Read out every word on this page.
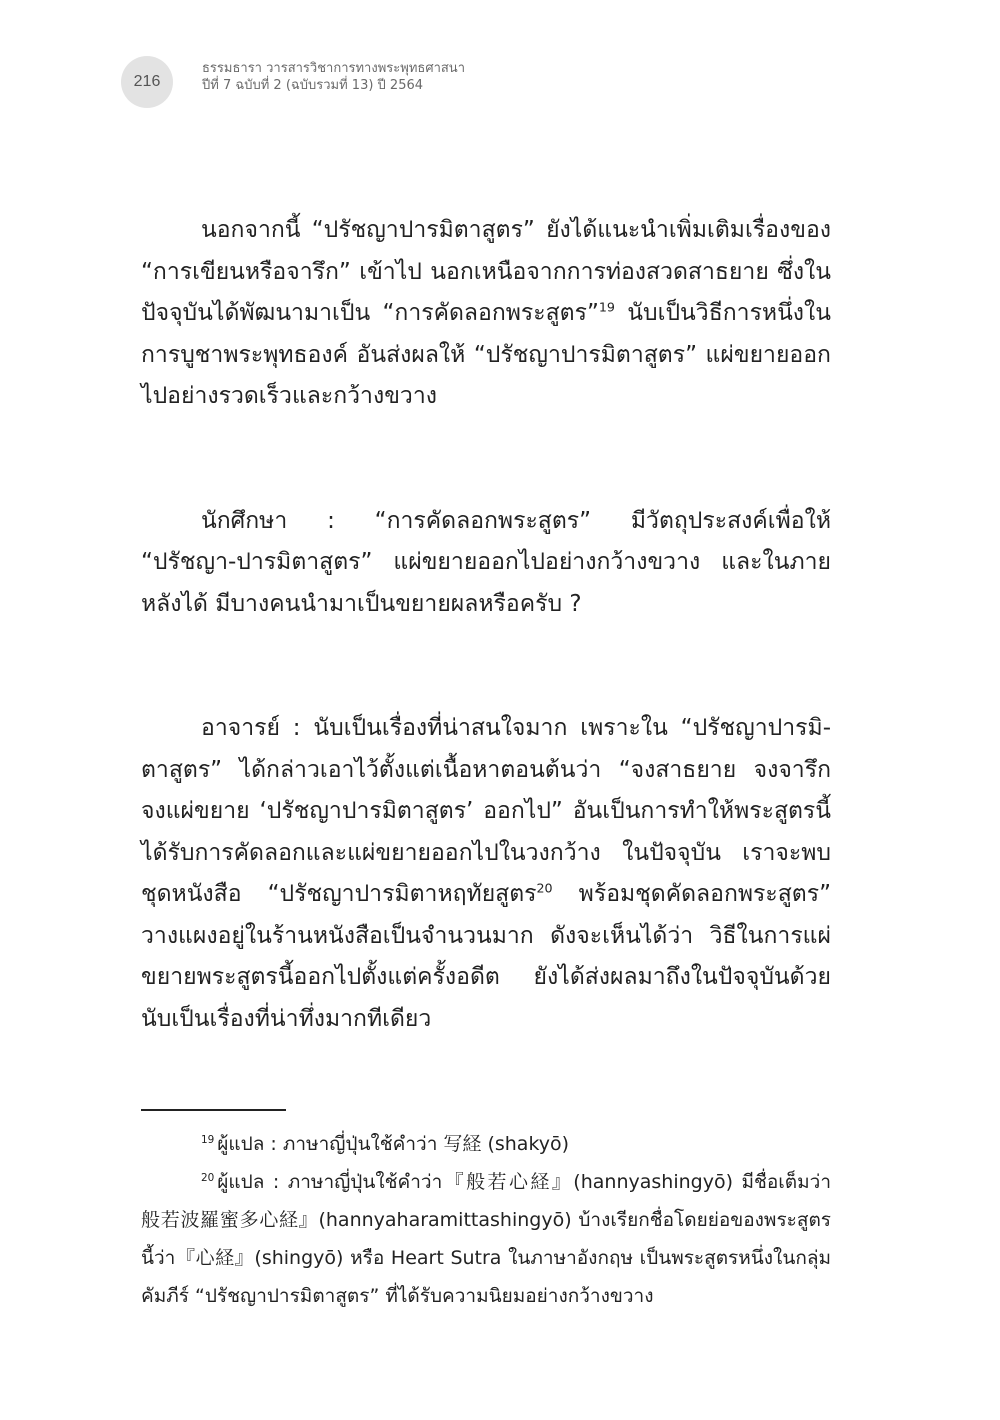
216
ธรรมธารา วารสารวิชาการทางพระพุทธศาสนา
ปีที่ 7 ฉบับที่ 2 (ฉบับรวมที่ 13) ปี 2564

นอกจากนี้ “ปรัชญาปารมิตาสูตร” ยังได้แนะนำเพิ่มเติมเรื่องของ “การเขียนหรือจารึก” เข้าไป นอกเหนือจากการท่องสวดสาธยาย ซึ่งในปัจจุบันได้พัฒนามาเป็น “การคัดลอกพระสูตร”$^{19}$ นับเป็นวิธีการหนึ่งในการบูชาพระพุทธองค์ อันส่งผลให้ “ปรัชญาปารมิตาสูตร” แผ่ขยายออกไปอย่างรวดเร็วและกว้างขวาง

นักศึกษา : “การคัดลอกพระสูตร” มีวัตถุประสงค์เพื่อให้ “ปรัชญา-ปารมิตาสูตร” แผ่ขยายออกไปอย่างกว้างขวาง และในภายหลังได้ มีบางคนนำมาเป็นขยายผลหรือครับ ?

อาจารย์ : นับเป็นเรื่องที่น่าสนใจมาก เพราะใน “ปรัชญาปารมิ-ตาสูตร” ได้กล่าวเอาไว้ตั้งแต่เนื้อหาตอนต้นว่า “จงสาธยาย จงจารึก จงแผ่ขยาย ‘ปรัชญาปารมิตาสูตร’ ออกไป” อันเป็นการทำให้พระสูตรนี้ได้รับการคัดลอกและแผ่ขยายออกไปในวงกว้าง ในปัจจุบัน เราจะพบชุดหนังสือ “ปรัชญาปารมิตาหฤทัยสูตร$^{20}$ พร้อมชุดคัดลอกพระสูตร” วางแผงอยู่ในร้านหนังสือเป็นจำนวนมาก ดังจะเห็นได้ว่า วิธีในการแผ่ขยายพระสูตรนี้ออกไปตั้งแต่ครั้งอดีต ยังได้ส่งผลมาถึงในปัจจุบันด้วย นับเป็นเรื่องที่น่าทึ่งมากทีเดียว

$^{19}$ ผู้แปล : ภาษาญี่ปุ่นใช้คำว่า 写経 (shakyō)

$^{20}$ ผู้แปล : ภาษาญี่ปุ่นใช้คำว่า『般若心経』(hannyashingyō) มีชื่อเต็มว่า 般若波羅蜜多心経』(hannyaharamittashingyō) บ้างเรียกชื่อโดยย่อของพระสูตรนี้ว่า『心経』(shingyō) หรือ Heart Sutra ในภาษาอังกฤษ เป็นพระสูตรหนึ่งในกลุ่มคัมภีร์ “ปรัชญาปารมิตาสูตร” ที่ได้รับความนิยมอย่างกว้างขวาง
